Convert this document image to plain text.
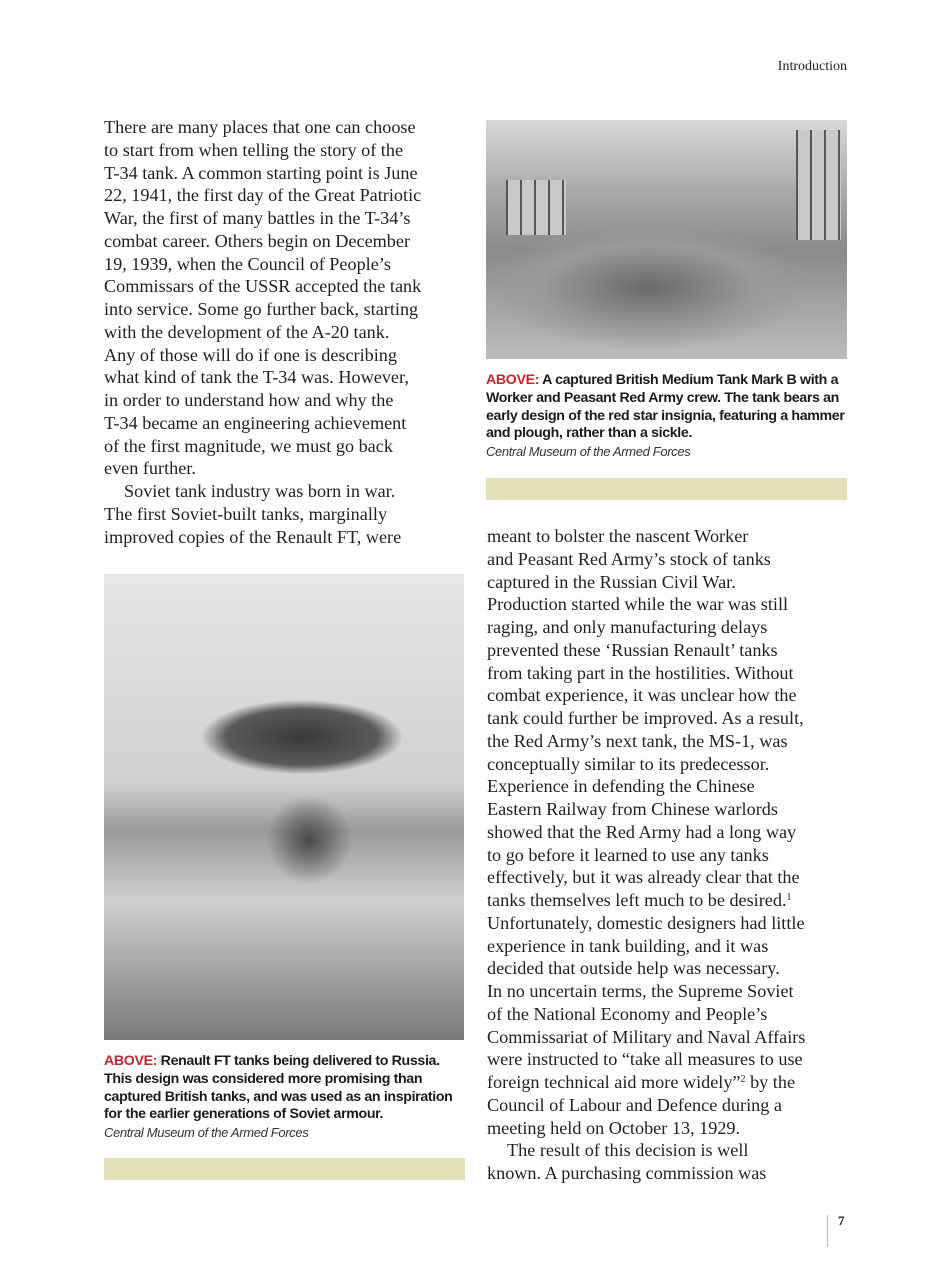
Introduction
There are many places that one can choose
to start from when telling the story of the
T-34 tank. A common starting point is June
22, 1941, the first day of the Great Patriotic
War, the first of many battles in the T-34’s
combat career. Others begin on December
19, 1939, when the Council of People’s
Commissars of the USSR accepted the tank
into service. Some go further back, starting
with the development of the A-20 tank.
Any of those will do if one is describing
what kind of tank the T-34 was. However,
in order to understand how and why the
T-34 became an engineering achievement
of the first magnitude, we must go back
even further.
Soviet tank industry was born in war.
The first Soviet-built tanks, marginally
improved copies of the Renault FT, were	meant to bolster the nascent Worker
and Peasant Red Army’s stock of tanks
captured in the Russian Civil War.
Production started while the war was still
raging, and only manufacturing delays
prevented these ‘Russian Renault’ tanks
from taking part in the hostilities. Without
combat experience, it was unclear how the
tank could further be improved. As a result,
the Red Army’s next tank, the MS-1, was
conceptually similar to its predecessor.
Experience in defending the Chinese
Eastern Railway from Chinese warlords
showed that the Red Army had a long way
to go before it learned to use any tanks
effectively, but it was already clear that the
tanks themselves left much to be desired.$^1$
Unfortunately, domestic designers had little
experience in tank building, and it was
decided that outside help was necessary.
In no uncertain terms, the Supreme Soviet
of the National Economy and People’s
Commissariat of Military and Naval Affairs
were instructed to “take all measures to use
foreign technical aid more widely”$^2$ by the
Council of Labour and Defence during a
meeting held on October 13, 1929.
The result of this decision is well
known. A purchasing commission was
ABOVE: A captured British Medium Tank Mark B with a Worker and Peasant Red Army crew. The tank bears an early design of the red star insignia, featuring a hammer and plough, rather than a sickle.
Central Museum of the Armed Forces
ABOVE: Renault FT tanks being delivered to Russia. This design was considered more promising than captured British tanks, and was used as an inspiration for the earlier generations of Soviet armour.
Central Museum of the Armed Forces
7
